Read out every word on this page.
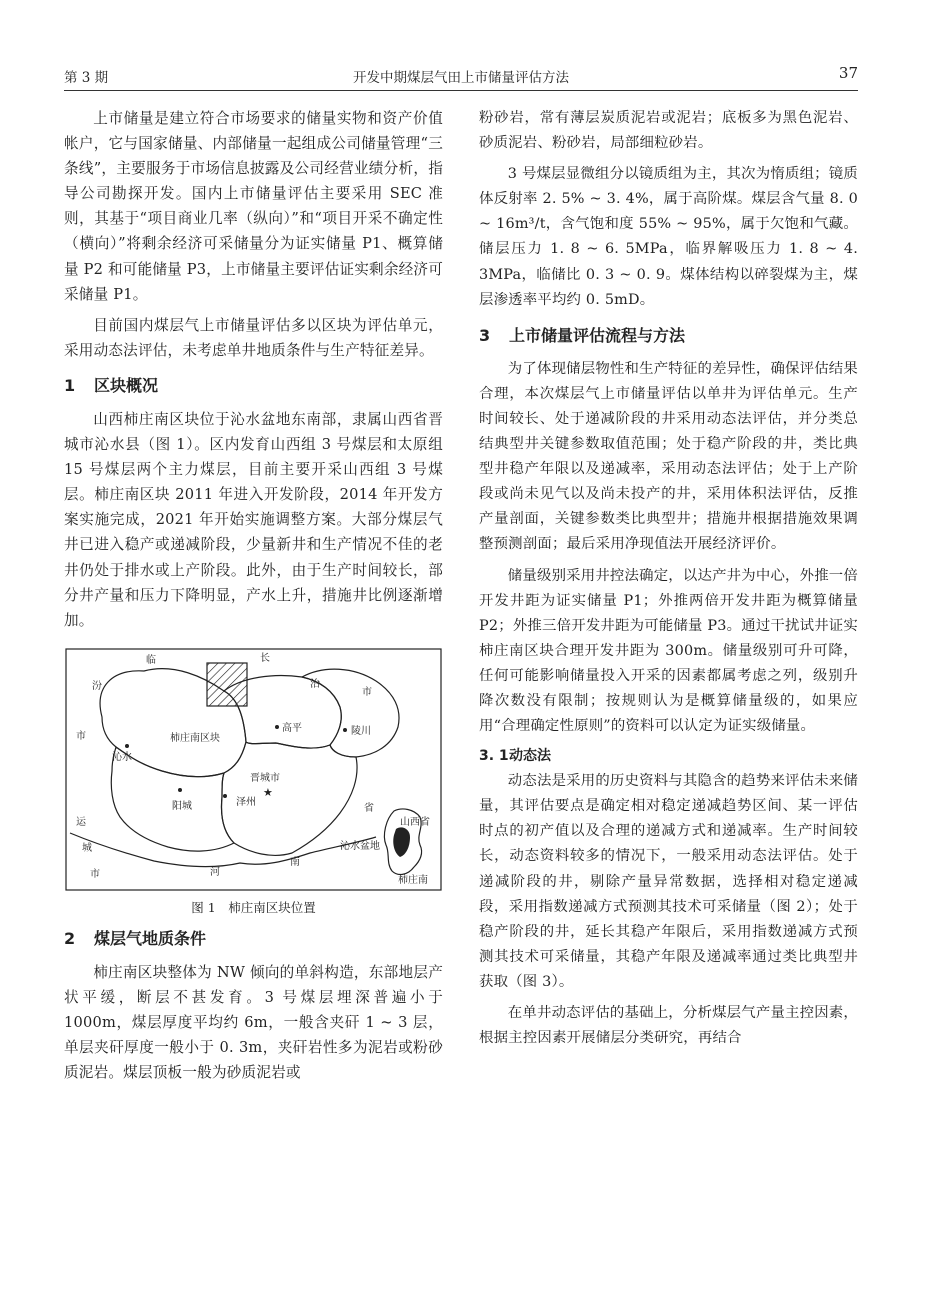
第 3 期	开发中期煤层气田上市储量评估方法	37

上市储量是建立符合市场要求的储量实物和资产价值帐户，它与国家储量、内部储量一起组成公司储量管理“三条线”，主要服务于市场信息披露及公司经营业绩分析，指导公司勘探开发。国内上市储量评估主要采用 SEC 准则，其基于“项目商业几率（纵向）”和“项目开采不确定性（横向）”将剩余经济可采储量分为证实储量 P1、概算储量 P2 和可能储量 P3，上市储量主要评估证实剩余经济可采储量 P1。

目前国内煤层气上市储量评估多以区块为评估单元，采用动态法评估，未考虑单井地质条件与生产特征差异。

1 区块概况

山西柿庄南区块位于沁水盆地东南部，隶属山西省晋城市沁水县（图 1）。区内发育山西组 3 号煤层和太原组 15 号煤层两个主力煤层，目前主要开采山西组 3 号煤层。柿庄南区块 2011 年进入开发阶段，2014 年开发方案实施完成，2021 年开始实施调整方案。大部分煤层气井已进入稳产或递减阶段，少量新井和生产情况不佳的老井仍处于排水或上产阶段。此外，由于生产时间较长，部分井产量和压力下降明显，产水上升，措施井比例逐渐增加。

临
汾
市
长
治
市
运
城
市	河
南
省
高平	陵川
沁水
柿庄南区块
晋城市
★
阳城	泽州
沁水盆地
山西省
柿庄南
图 1　柿庄南区块位置
2 煤层气地质条件

柿庄南区块整体为 NW 倾向的单斜构造，东部地层产状平缓，断层不甚发育。3 号煤层埋深普遍小于 1000m，煤层厚度平均约 6m，一般含夹矸 1 ~ 3 层，单层夹矸厚度一般小于 0. 3m，夹矸岩性多为泥岩或粉砂质泥岩。煤层顶板一般为砂质泥岩或

粉砂岩，常有薄层炭质泥岩或泥岩；底板多为黑色泥岩、砂质泥岩、粉砂岩，局部细粒砂岩。

3 号煤层显微组分以镜质组为主，其次为惰质组；镜质体反射率 2. 5% ~ 3. 4%，属于高阶煤。煤层含气量 8. 0 ~ 16m³/t，含气饱和度 55% ~ 95%，属于欠饱和气藏。储层压力 1. 8 ~ 6. 5MPa，临界解吸压力 1. 8 ~ 4. 3MPa，临储比 0. 3 ~ 0. 9。煤体结构以碎裂煤为主，煤层渗透率平均约 0. 5mD。

3 上市储量评估流程与方法

为了体现储层物性和生产特征的差异性，确保评估结果合理，本次煤层气上市储量评估以单井为评估单元。生产时间较长、处于递减阶段的井采用动态法评估，并分类总结典型井关键参数取值范围；处于稳产阶段的井，类比典型井稳产年限以及递减率，采用动态法评估；处于上产阶段或尚未见气以及尚未投产的井，采用体积法评估，反推产量剖面，关键参数类比典型井；措施井根据措施效果调整预测剖面；最后采用净现值法开展经济评价。

储量级别采用井控法确定，以达产井为中心，外推一倍开发井距为证实储量 P1；外推两倍开发井距为概算储量 P2；外推三倍开发井距为可能储量 P3。通过干扰试井证实柿庄南区块合理开发井距为 300m。储量级别可升可降，任何可能影响储量投入开采的因素都属考虑之列，级别升降次数没有限制；按规则认为是概算储量级的，如果应用“合理确定性原则”的资料可以认定为证实级储量。

3. 1动态法

动态法是采用的历史资料与其隐含的趋势来评估未来储量，其评估要点是确定相对稳定递减趋势区间、某一评估时点的初产值以及合理的递减方式和递减率。生产时间较长，动态资料较多的情况下，一般采用动态法评估。处于递减阶段的井，剔除产量异常数据，选择相对稳定递减段，采用指数递减方式预测其技术可采储量（图 2）；处于稳产阶段的井，延长其稳产年限后，采用指数递减方式预测其技术可采储量，其稳产年限及递减率通过类比典型井获取（图 3）。

在单井动态评估的基础上，分析煤层气产量主控因素，根据主控因素开展储层分类研究，再结合
